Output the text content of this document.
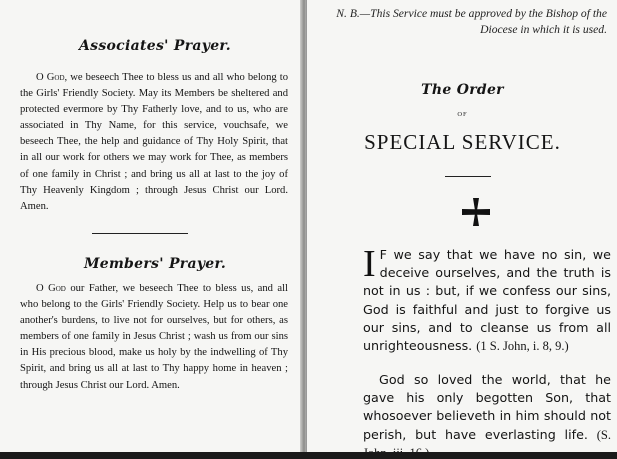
Associates' Prayer.

O God, we beseech Thee to bless us and all who belong to the Girls' Friendly Society. May its Members be sheltered and protected evermore by Thy Fatherly love, and to us, who are associated in Thy Name, for this service, vouchsafe, we beseech Thee, the help and guidance of Thy Holy Spirit, that in all our work for others we may work for Thee, as members of one family in Christ ; and bring us all at last to the joy of Thy Heavenly Kingdom ; through Jesus Christ our Lord. Amen.

Members' Prayer.

O God our Father, we beseech Thee to bless us, and all who belong to the Girls' Friendly Society. Help us to bear one another's burdens, to live not for ourselves, but for others, as members of one family in Jesus Christ ; wash us from our sins in His precious blood, make us holy by the indwelling of Thy Spirit, and bring us all at last to Thy happy home in heaven ; through Jesus Christ our Lord. Amen.

N. B.—This Service must be approved by the Bishop of the Diocese in which it is used.

The Order
OF
SPECIAL SERVICE.

I F we say that we have no sin, we deceive ourselves, and the truth is not in us : but, if we confess our sins, God is faithful and just to forgive us our sins, and to cleanse us from all unrighteousness. (1 S. John, i. 8, 9.)

God so loved the world, that he gave his only begotten Son, that whosoever believeth in him should not perish, but have everlasting life. (S.
